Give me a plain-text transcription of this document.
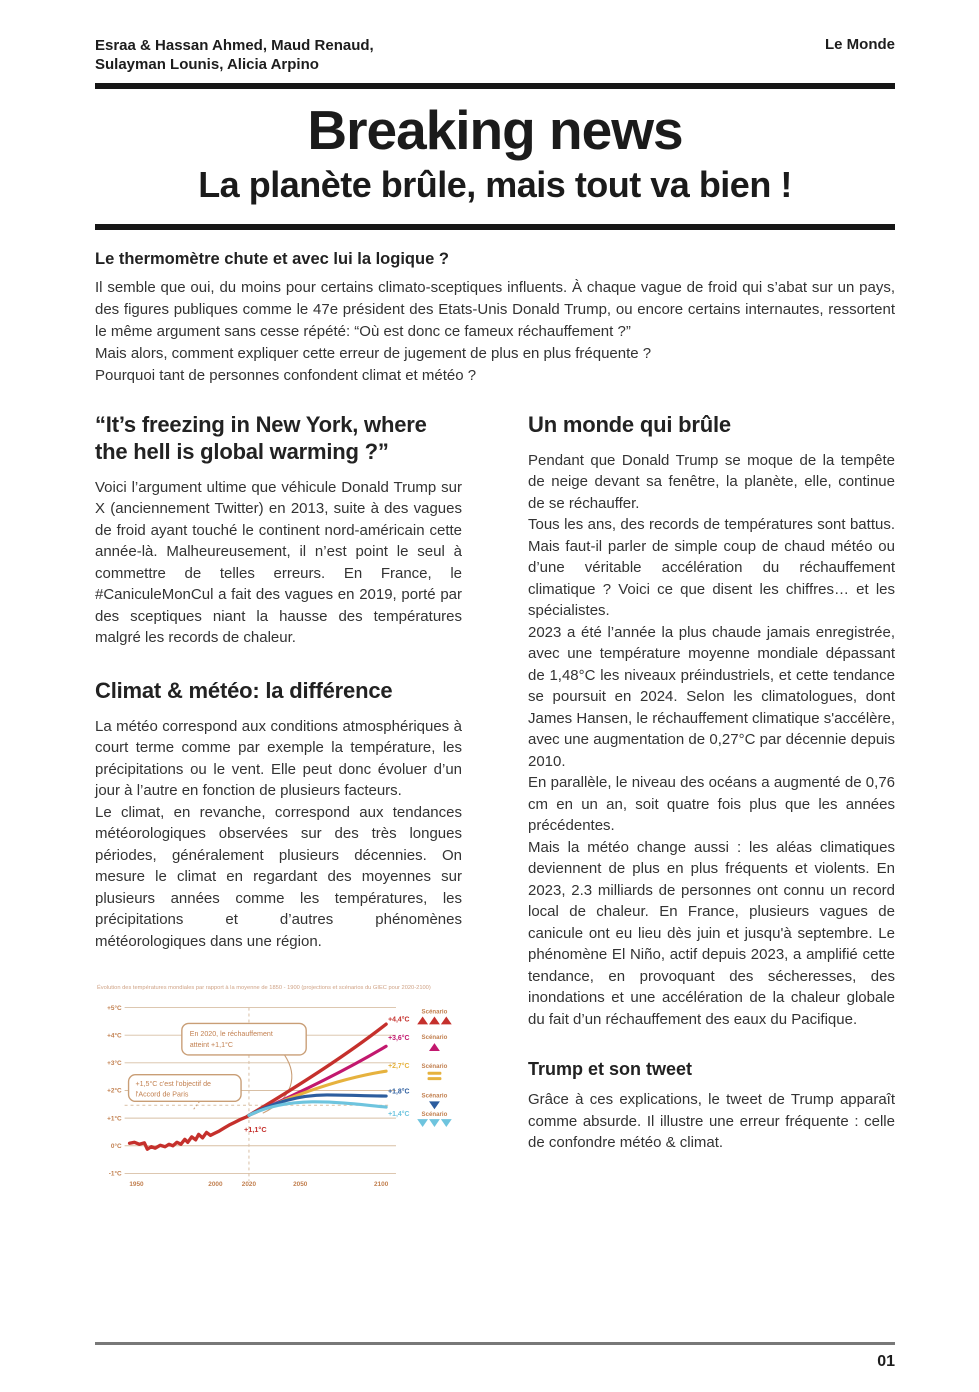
Esraa & Hassan Ahmed, Maud Renaud,
Sulayman Lounis, Alicia Arpino
Le Monde
Breaking news
La planète brûle, mais tout va bien !
Le thermomètre chute et avec lui la logique ?

Il semble que oui, du moins pour certains climato-sceptiques influents. À chaque vague de froid qui s’abat sur un pays, des figures publiques comme le 47e président des Etats-Unis Donald Trump, ou encore certains internautes, ressortent le même argument sans cesse répété: “Où est donc ce fameux réchauffement ?”

Mais alors, comment expliquer cette erreur de jugement de plus en plus fréquente ?

Pourquoi tant de personnes confondent climat et météo ?

“It’s freezing in New York, where the hell is global warming ?”

Voici l’argument ultime que véhicule Donald Trump sur X (anciennement Twitter) en 2013, suite à des vagues de froid ayant touché le continent nord-américain cette année-là. Malheureusement, il n’est point le seul à commettre de telles erreurs. En France, le #CaniculeMonCul a fait des vagues en 2019, porté par des sceptiques niant la hausse des températures malgré les records de chaleur.

Climat & météo: la différence

La météo correspond aux conditions atmosphériques à court terme comme par exemple la température, les précipitations ou le vent. Elle peut donc évoluer d’un jour à l’autre en fonction de plusieurs facteurs.

Le climat, en revanche, correspond aux tendances météorologiques observées sur des très longues périodes, généralement plusieurs décennies. On mesure le climat en regardant des moyennes sur plusieurs années comme les températures, les précipitations et d’autres phénomènes météorologiques dans une région.

Évolution des températures mondiales par rapport à la moyenne de 1850 - 1900 (projections et scénarios du GIEC pour 2020-2100)
+5°C
+4°C
+3°C
+2°C
+1°C
0°C
-1°C
1950	2000	2020	2050	2100
En 2020, le réchauffement
atteint +1,1°C
+1,5°C c'est l'objectif de
l'Accord de Paris
+1,1°C
+4,4°C
+3,6°C
+2,7°C
+1,8°C
+1,4°C
Scénario
Scénario
Scénario
Scénario
Scénario
Un monde qui brûle

Pendant que Donald Trump se moque de la tempête de neige devant sa fenêtre, la planète, elle, continue de se réchauffer.

Tous les ans, des records de températures sont battus. Mais faut-il parler de simple coup de chaud météo ou d’une véritable accélération du réchauffement climatique ? Voici ce que disent les chiffres… et les spécialistes.

2023 a été l’année la plus chaude jamais enregistrée, avec une température moyenne mondiale dépassant de 1,48°C les niveaux préindustriels, et cette tendance se poursuit en 2024. Selon les climatologues, dont James Hansen, le réchauffement climatique s'accélère, avec une augmentation de 0,27°C par décennie depuis 2010.

En parallèle, le niveau des océans a augmenté de 0,76 cm en un an, soit quatre fois plus que les années précédentes.

Mais la météo change aussi : les aléas climatiques deviennent de plus en plus fréquents et violents. En 2023, 2.3 milliards de personnes ont connu un record local de chaleur. En France, plusieurs vagues de canicule ont eu lieu dès juin et jusqu'à septembre. Le phénomène El Niño, actif depuis 2023, a amplifié cette tendance, en provoquant des sécheresses, des inondations et une accélération de la chaleur globale du fait d’un réchauffement des eaux du Pacifique.

Trump et son tweet

Grâce à ces explications, le tweet de Trump apparaît comme absurde. Il illustre une erreur fréquente : celle de confondre météo & climat.

01
